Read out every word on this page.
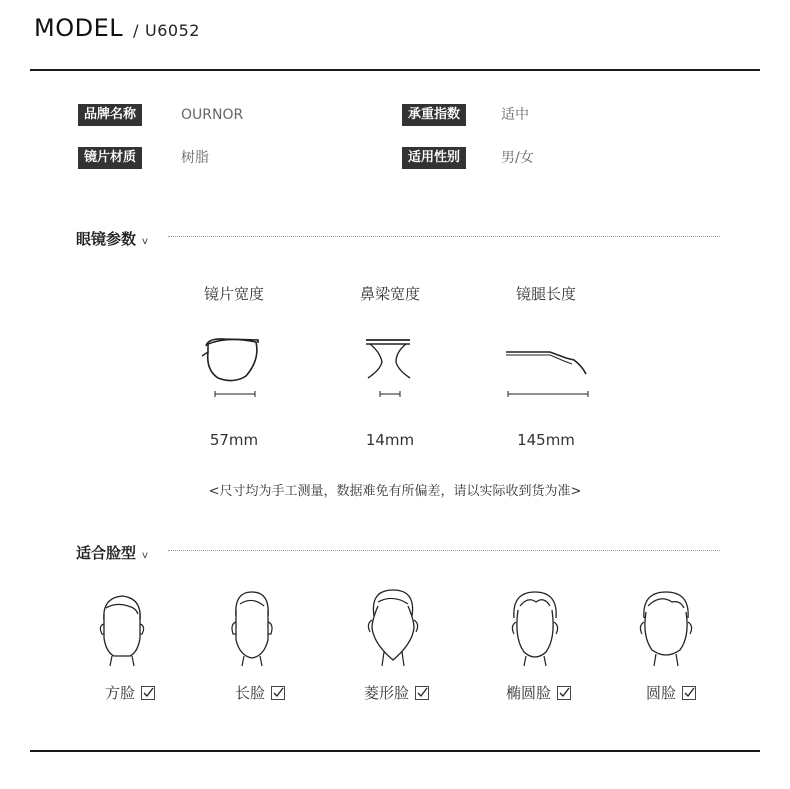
MODEL / U6052
品牌名称	OURNOR	承重指数	适中
镜片材质	树脂	适用性别	男/女
眼镜参数 v
镜片宽度	鼻梁宽度	镜腿长度
57mm	14mm	145mm
<尺寸均为手工测量，数据难免有所偏差，请以实际收到货为准>
适合脸型 v
方脸	长脸	菱形脸	椭圆脸	圆脸
